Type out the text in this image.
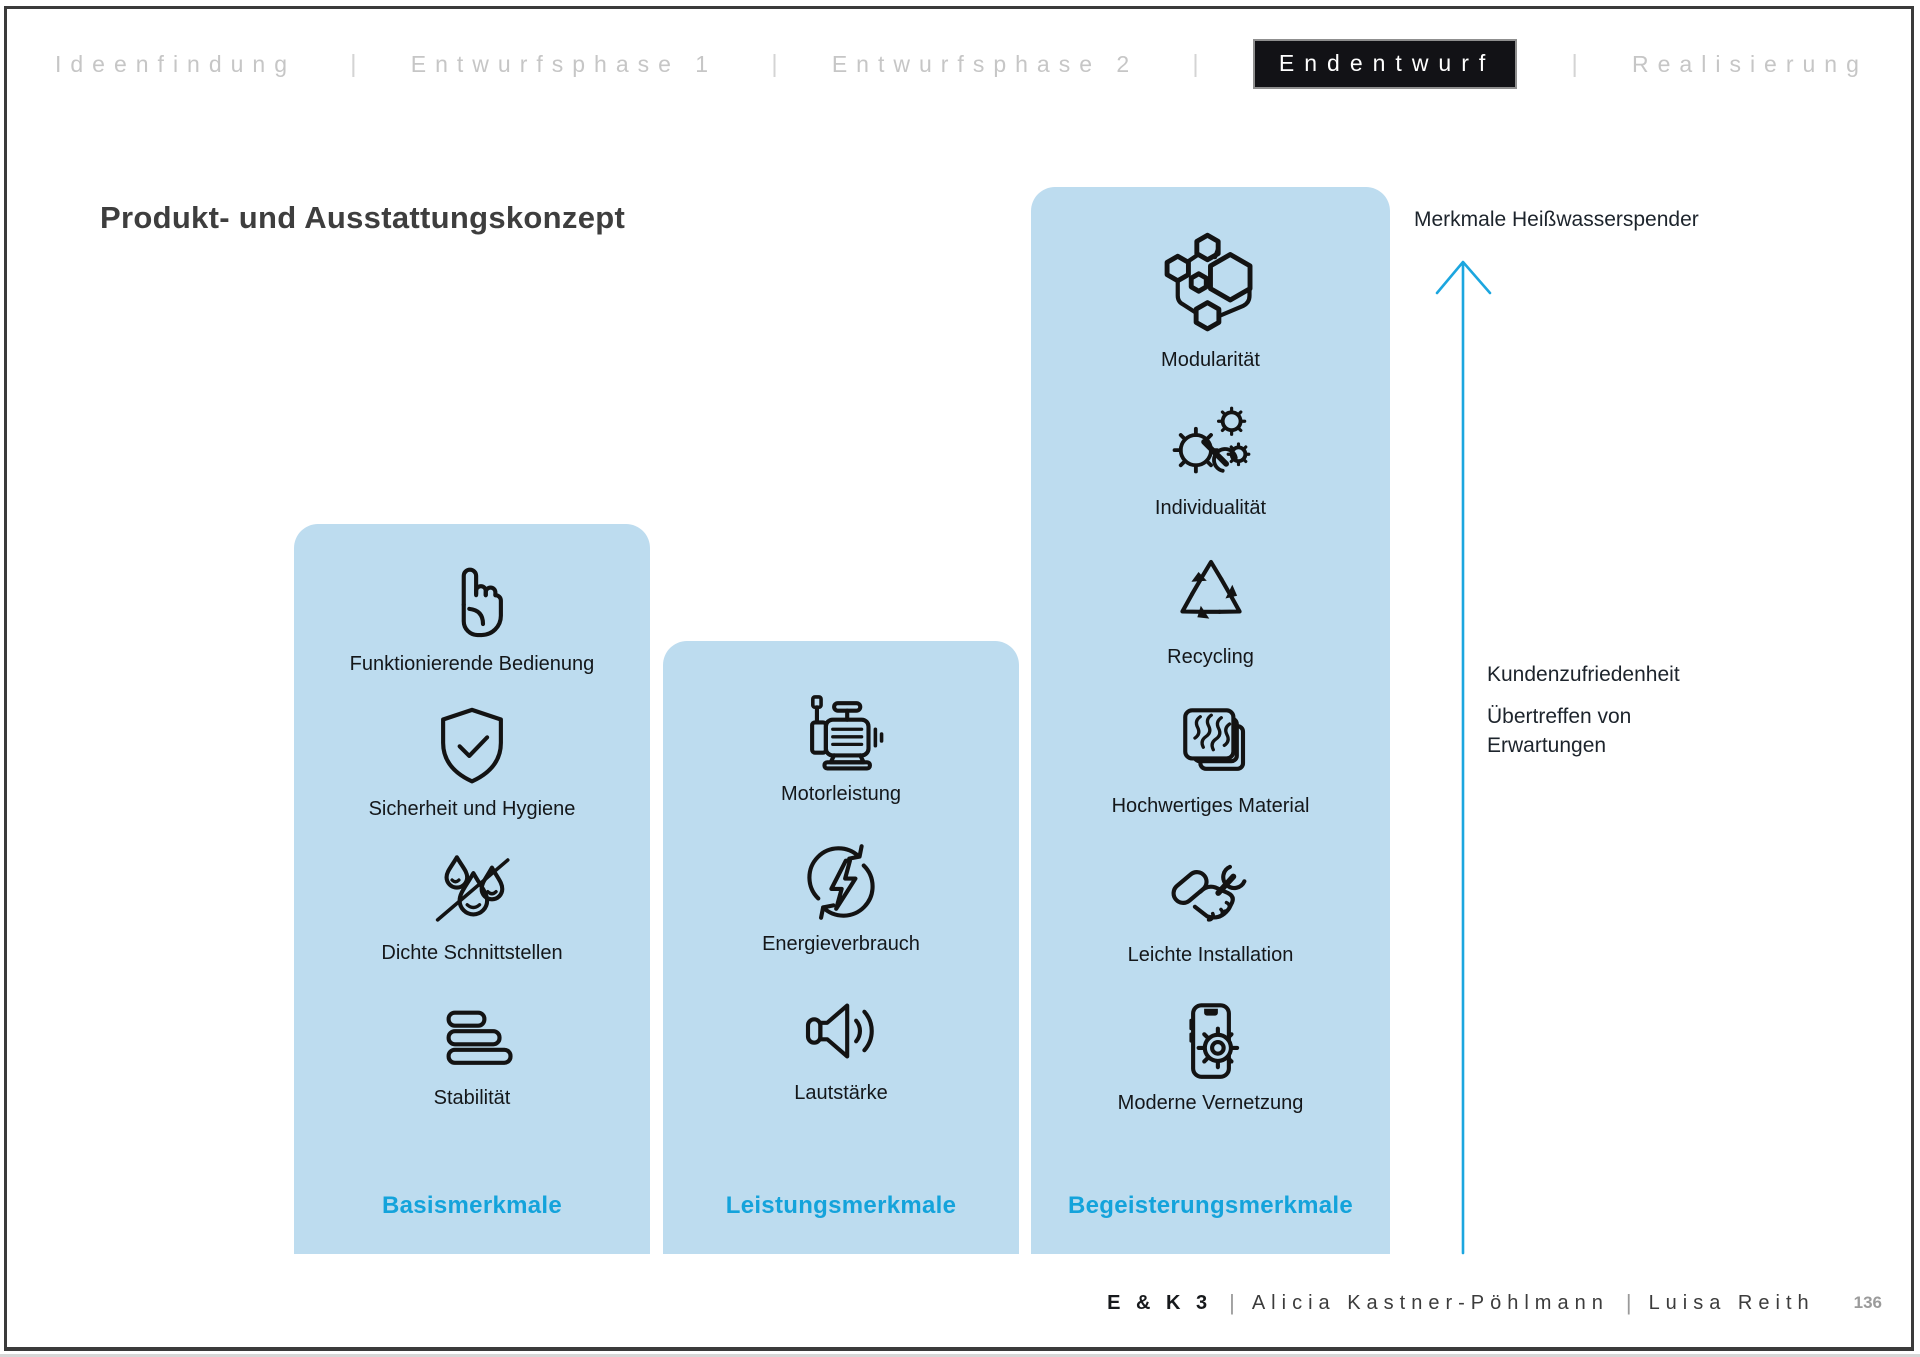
Ideenfindung | Entwurfsphase 1 | Entwurfsphase 2 |	Endentwurf	| Realisierung
Produkt- und Ausstattungskonzept
Funktionierende Bedienung
Sicherheit und Hygiene
Dichte Schnittstellen
Stabilität
Basismerkmale
Motorleistung
Energieverbrauch
Lautstärke
Leistungsmerkmale
Modularität
Individualität
Recycling
Hochwertiges Material
Leichte Installation
Moderne Vernetzung
Begeisterungsmerkmale
Merkmale Heißwasserspender
Kundenzufriedenheit
Übertreffen von
Erwartungen
E & K 3 | Alicia Kastner-Pöhlmann | Luisa Reith 136
